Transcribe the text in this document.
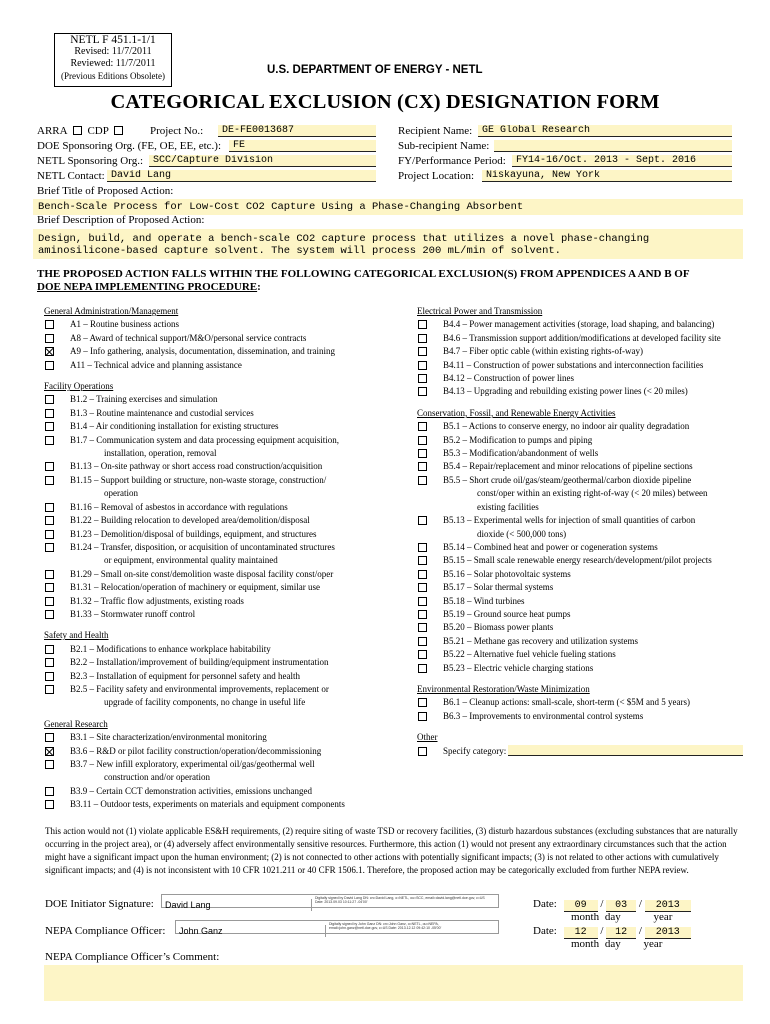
NETL F 451.1-1/1
Revised: 11/7/2011
Reviewed: 11/7/2011
(Previous Editions Obsolete)	U.S. DEPARTMENT OF ENERGY - NETL
CATEGORICAL EXCLUSION (CX) DESIGNATION FORM
ARRA CDP	Project No.:	DE-FE0013687
DOE Sponsoring Org. (FE, OE, EE, etc.):	FE
NETL Sponsoring Org.: SCC/Capture Division
NETL Contact: David Lang
Recipient Name: GE Global Research
Sub-recipient Name:
FY/Performance Period:	FY14-16/Oct. 2013 - Sept. 2016
Project Location:	Niskayuna, New York
Brief Title of Proposed Action:
Bench-Scale Process for Low-Cost CO2 Capture Using a Phase-Changing Absorbent
Brief Description of Proposed Action:
Design, build, and operate a bench-scale CO2 capture process that utilizes a novel phase-changing aminosilicone-based capture solvent. The system will process 200 mL/min of solvent.
THE PROPOSED ACTION FALLS WITHIN THE FOLLOWING CATEGORICAL EXCLUSION(S) FROM APPENDICES A AND B OF
DOE NEPA IMPLEMENTING PROCEDURE:
General Administration/Management
A1 – Routine business actions
A8 – Award of technical support/M&O/personal service contracts
A9 – Info gathering, analysis, documentation, dissemination, and training
A11 – Technical advice and planning assistance
Facility Operations
B1.2 – Training exercises and simulation
B1.3 – Routine maintenance and custodial services
B1.4 – Air conditioning installation for existing structures
B1.7 – Communication system and data processing equipment acquisition,
installation, operation, removal
B1.13 – On-site pathway or short access road construction/acquisition
B1.15 – Support building or structure, non-waste storage, construction/
operation
B1.16 – Removal of asbestos in accordance with regulations
B1.22 – Building relocation to developed area/demolition/disposal
B1.23 – Demolition/disposal of buildings, equipment, and structures
B1.24 – Transfer, disposition, or acquisition of uncontaminated structures
or equipment, environmental quality maintained
B1.29 – Small on-site const/demolition waste disposal facility const/oper
B1.31 – Relocation/operation of machinery or equipment, similar use
B1.32 – Traffic flow adjustments, existing roads
B1.33 – Stormwater runoff control
Safety and Health
B2.1 – Modifications to enhance workplace habitability
B2.2 – Installation/improvement of building/equipment instrumentation
B2.3 – Installation of equipment for personnel safety and health
B2.5 – Facility safety and environmental improvements, replacement or
upgrade of facility components, no change in useful life
General Research
B3.1 – Site characterization/environmental monitoring
B3.6 – R&D or pilot facility construction/operation/decommissioning
B3.7 – New infill exploratory, experimental oil/gas/geothermal well
construction and/or operation
B3.9 – Certain CCT demonstration activities, emissions unchanged
B3.11 – Outdoor tests, experiments on materials and equipment components
Electrical Power and Transmission
B4.4 – Power management activities (storage, load shaping, and balancing)
B4.6 – Transmission support addition/modifications at developed facility site
B4.7 – Fiber optic cable (within existing rights-of-way)
B4.11 – Construction of power substations and interconnection facilities
B4.12 – Construction of power lines
B4.13 – Upgrading and rebuilding existing power lines (< 20 miles)
Conservation, Fossil, and Renewable Energy Activities
B5.1 – Actions to conserve energy, no indoor air quality degradation
B5.2 – Modification to pumps and piping
B5.3 – Modification/abandonment of wells
B5.4 – Repair/replacement and minor relocations of pipeline sections
B5.5 – Short crude oil/gas/steam/geothermal/carbon dioxide pipeline
const/oper within an existing right-of-way (< 20 miles) between
existing facilities
B5.13 – Experimental wells for injection of small quantities of carbon
dioxide (< 500,000 tons)
B5.14 – Combined heat and power or cogeneration systems
B5.15 – Small scale renewable energy research/development/pilot projects
B5.16 – Solar photovoltaic systems
B5.17 – Solar thermal systems
B5.18 – Wind turbines
B5.19 – Ground source heat pumps
B5.20 – Biomass power plants
B5.21 – Methane gas recovery and utilization systems
B5.22 – Alternative fuel vehicle fueling stations
B5.23 – Electric vehicle charging stations
Environmental Restoration/Waste Minimization
B6.1 – Cleanup actions: small-scale, short-term (< $5M and 5 years)
B6.3 – Improvements to environmental control systems
Other
Specify category:
This action would not (1) violate applicable ES&H requirements, (2) require siting of waste TSD or recovery facilities, (3) disturb hazardous substances (excluding substances that are naturally occurring in the project area), or (4) adversely affect environmentally sensitive resources. Furthermore, this action (1) would not present any extraordinary circumstances such that the action might have a significant impact upon the human environment; (2) is not connected to other actions with potentially significant impacts; (3) is not related to other actions with cumulatively significant impacts; and (4) is not inconsistent with 10 CFR 1021.211 or 40 CFR 1506.1. Therefore, the proposed action may be categorically excluded from further NEPA review.
DOE Initiator Signature:	David LangDigitally signed by David Lang DN: cn=David Lang, o=NETL, ou=SCC, email=david.lang@netl.doe.gov, c=US Date: 2013.09.03 10:11:27 -04'00'
NEPA Compliance Officer:	John GanzDigitally signed by John Ganz DN: cn=John Ganz, o=NETL, ou=NEPA, email=john.ganz@netl.doe.gov, c=US Date: 2013.12.12 09:42:10 -05'00'
Date: 09 / 03 / 2013
month day	year
Date: 12 / 12 / 2013
month day year
NEPA Compliance Officer’s Comment:
